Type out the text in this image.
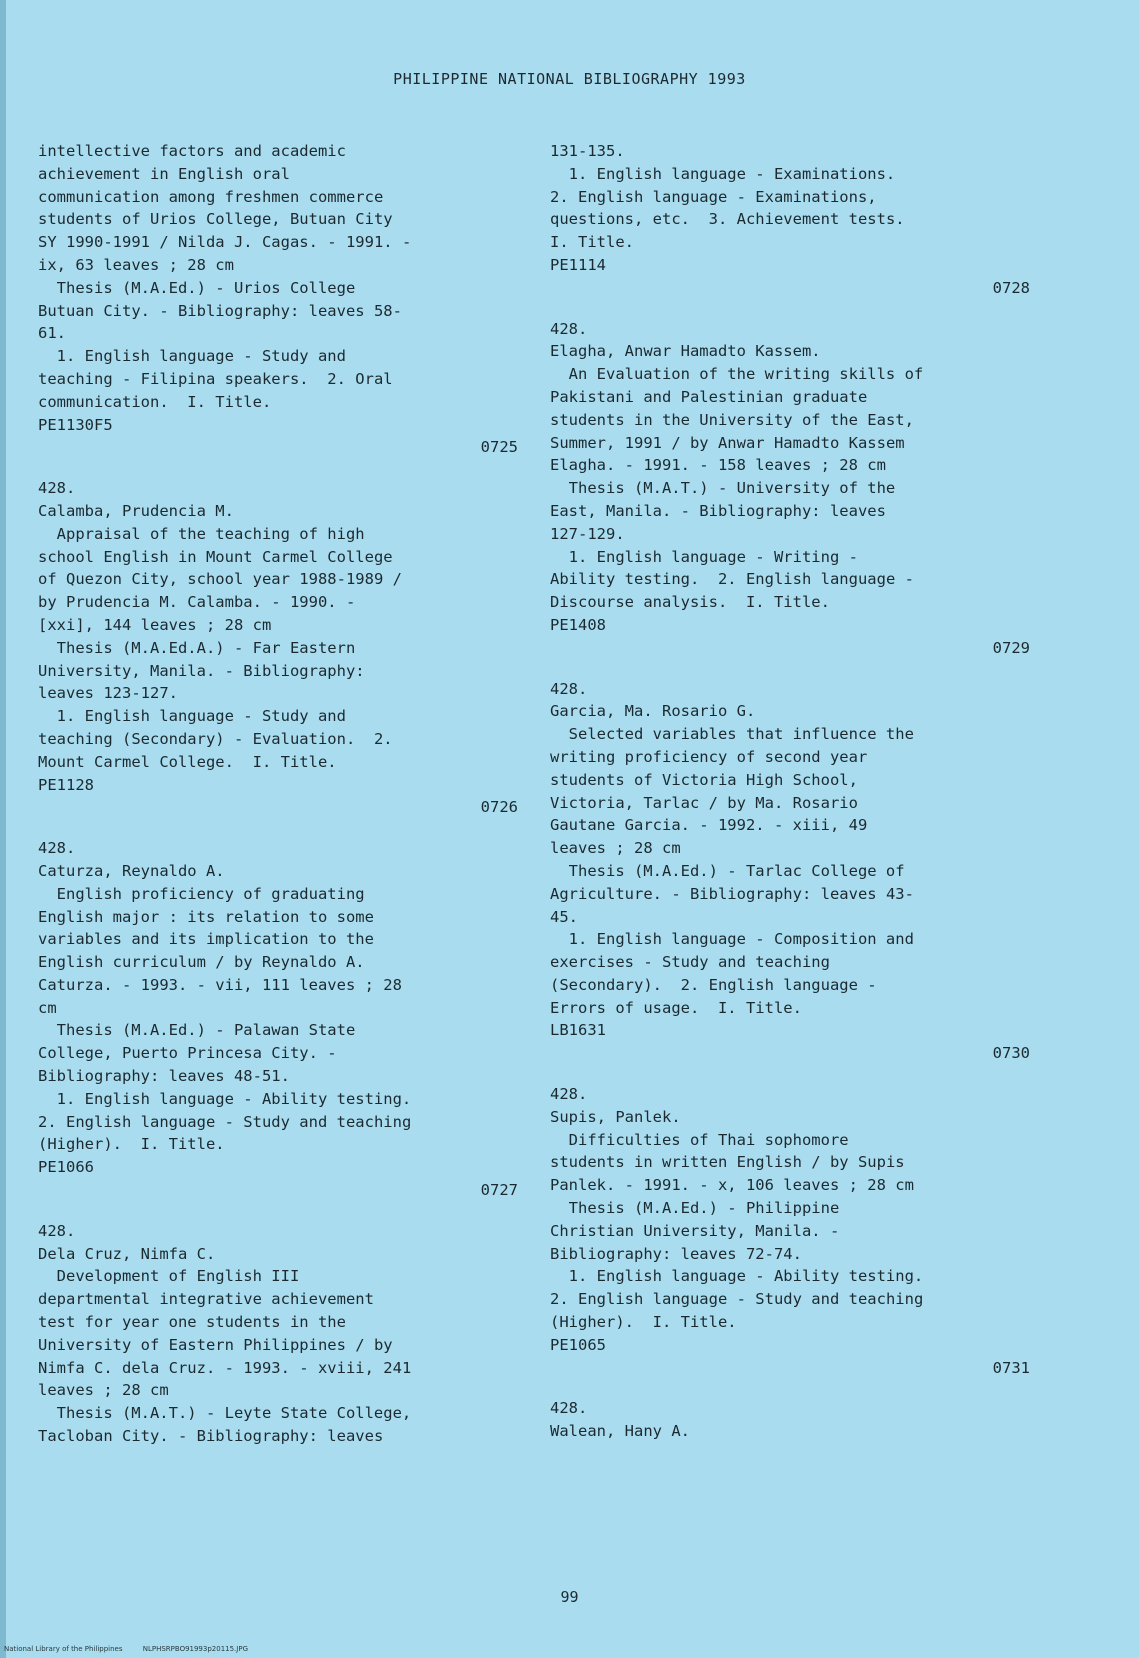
PHILIPPINE NATIONAL BIBLIOGRAPHY 1993

intellective factors and academic

achievement in English oral

communication among freshmen commerce

students of Urios College, Butuan City

SY 1990-1991 / Nilda J. Cagas. - 1991. -

ix, 63 leaves ; 28 cm

Thesis (M.A.Ed.) - Urios College

Butuan City. - Bibliography: leaves 58-

61.

1. English language - Study and

teaching - Filipina speakers.  2. Oral

communication.  I. Title.

PE1130F5

0725

428.

Calamba, Prudencia M.

Appraisal of the teaching of high

school English in Mount Carmel College

of Quezon City, school year 1988-1989 /

by Prudencia M. Calamba. - 1990. -

[xxi], 144 leaves ; 28 cm

Thesis (M.A.Ed.A.) - Far Eastern

University, Manila. - Bibliography:

leaves 123-127.

1. English language - Study and

teaching (Secondary) - Evaluation.  2.

Mount Carmel College.  I. Title.

PE1128

0726

428.

Caturza, Reynaldo A.

English proficiency of graduating

English major : its relation to some

variables and its implication to the

English curriculum / by Reynaldo A.

Caturza. - 1993. - vii, 111 leaves ; 28

cm

Thesis (M.A.Ed.) - Palawan State

College, Puerto Princesa City. -

Bibliography: leaves 48-51.

1. English language - Ability testing.

2. English language - Study and teaching

(Higher).  I. Title.

PE1066

0727

428.

Dela Cruz, Nimfa C.

Development of English III

departmental integrative achievement

test for year one students in the

University of Eastern Philippines / by

Nimfa C. dela Cruz. - 1993. - xviii, 241

leaves ; 28 cm

Thesis (M.A.T.) - Leyte State College,

Tacloban City. - Bibliography: leaves

131-135.

1. English language - Examinations.

2. English language - Examinations,

questions, etc.  3. Achievement tests.

I. Title.

PE1114

0728

428.

Elagha, Anwar Hamadto Kassem.

An Evaluation of the writing skills of

Pakistani and Palestinian graduate

students in the University of the East,

Summer, 1991 / by Anwar Hamadto Kassem

Elagha. - 1991. - 158 leaves ; 28 cm

Thesis (M.A.T.) - University of the

East, Manila. - Bibliography: leaves

127-129.

1. English language - Writing -

Ability testing.  2. English language -

Discourse analysis.  I. Title.

PE1408

0729

428.

Garcia, Ma. Rosario G.

Selected variables that influence the

writing proficiency of second year

students of Victoria High School,

Victoria, Tarlac / by Ma. Rosario

Gautane Garcia. - 1992. - xiii, 49

leaves ; 28 cm

Thesis (M.A.Ed.) - Tarlac College of

Agriculture. - Bibliography: leaves 43-

45.

1. English language - Composition and

exercises - Study and teaching

(Secondary).  2. English language -

Errors of usage.  I. Title.

LB1631

0730

428.

Supis, Panlek.

Difficulties of Thai sophomore

students in written English / by Supis

Panlek. - 1991. - x, 106 leaves ; 28 cm

Thesis (M.A.Ed.) - Philippine

Christian University, Manila. -

Bibliography: leaves 72-74.

1. English language - Ability testing.

2. English language - Study and teaching

(Higher).  I. Title.

PE1065

0731

428.

Walean, Hany A.

99
National Library of the Philippines	NLPHSRPBO91993p20115.JPG
